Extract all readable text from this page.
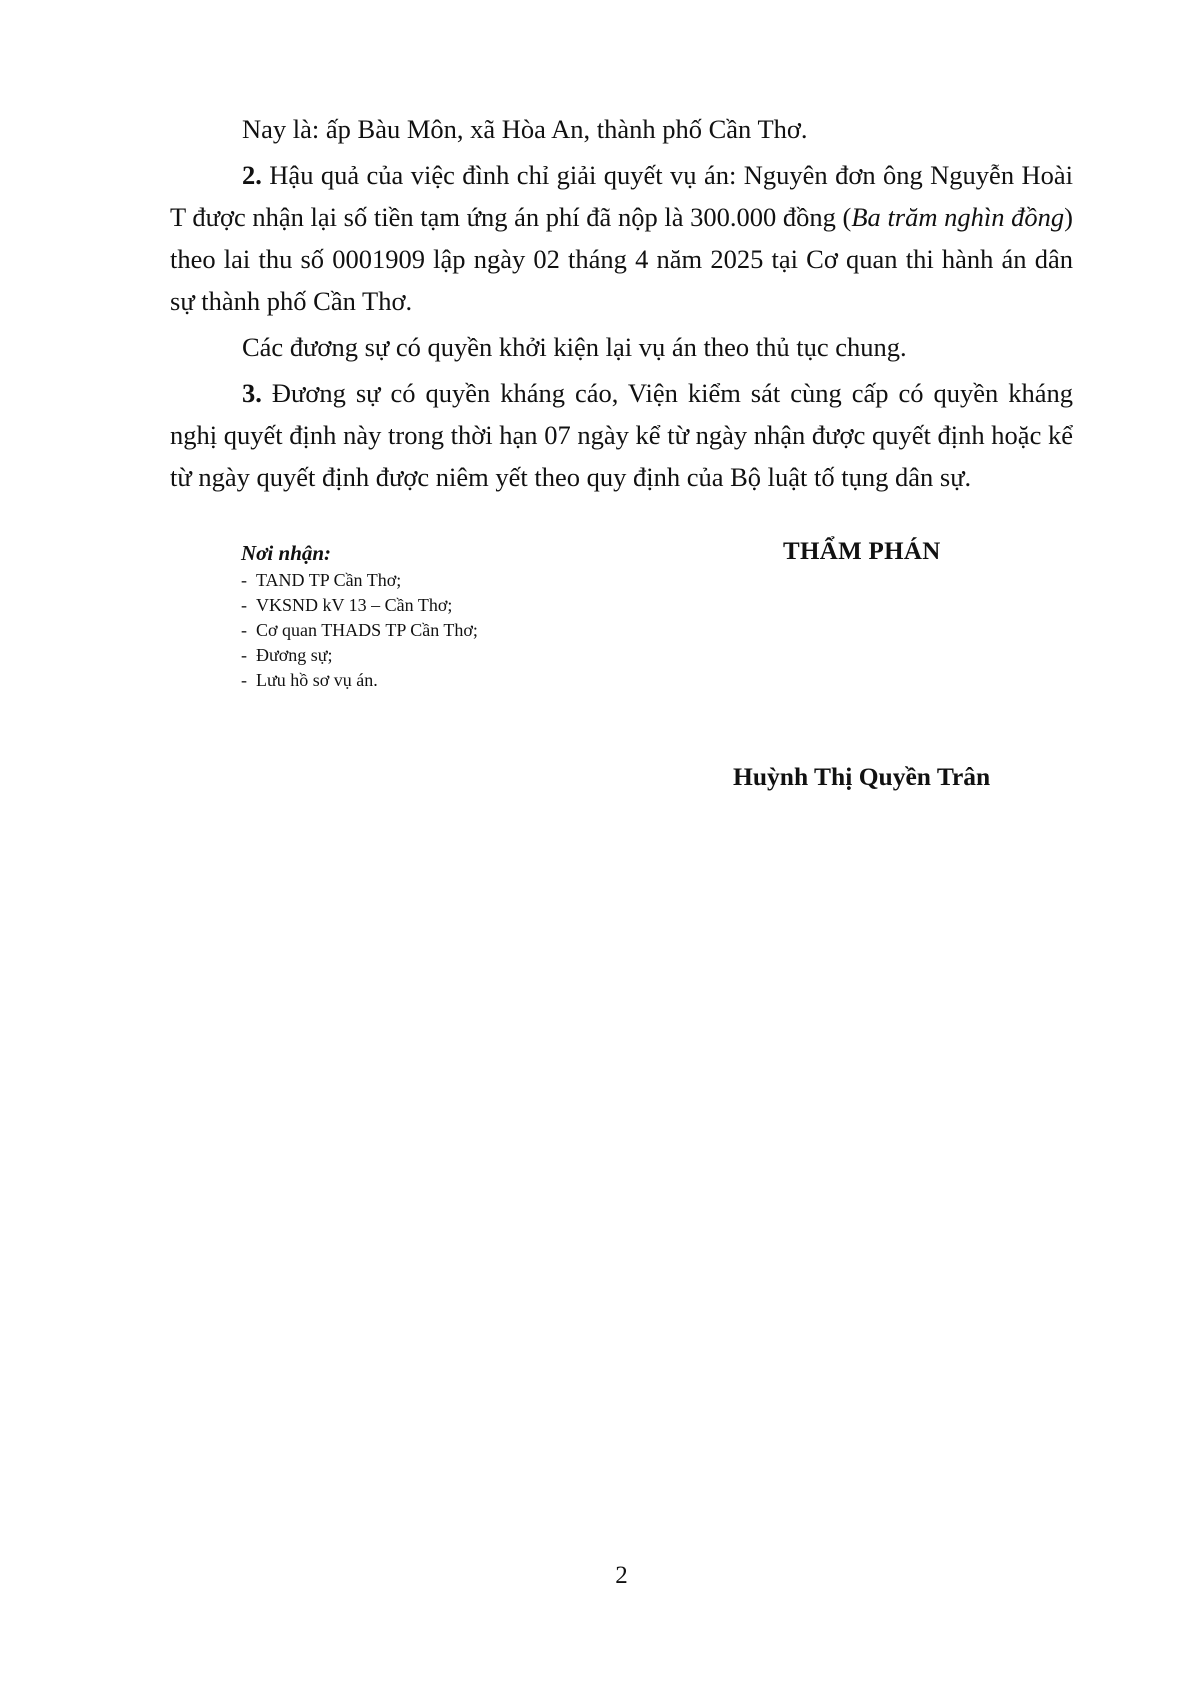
Nay là: ấp Bàu Môn, xã Hòa An, thành phố Cần Thơ.

2. Hậu quả của việc đình chỉ giải quyết vụ án: Nguyên đơn ông Nguyễn Hoài T được nhận lại số tiền tạm ứng án phí đã nộp là 300.000 đồng (Ba trăm nghìn đồng) theo lai thu số 0001909 lập ngày 02 tháng 4 năm 2025 tại Cơ quan thi hành án dân sự thành phố Cần Thơ.

Các đương sự có quyền khởi kiện lại vụ án theo thủ tục chung.

3. Đương sự có quyền kháng cáo, Viện kiểm sát cùng cấp có quyền kháng nghị quyết định này trong thời hạn 07 ngày kể từ ngày nhận được quyết định hoặc kể từ ngày quyết định được niêm yết theo quy định của Bộ luật tố tụng dân sự.

Nơi nhận:

-  TAND TP Cần Thơ;
-  VKSND kV 13 – Cần Thơ;
-  Cơ quan THADS TP Cần Thơ;
-  Đương sự;
-  Lưu hồ sơ vụ án.
THẨM PHÁN
Huỳnh Thị Quyền Trân
2
